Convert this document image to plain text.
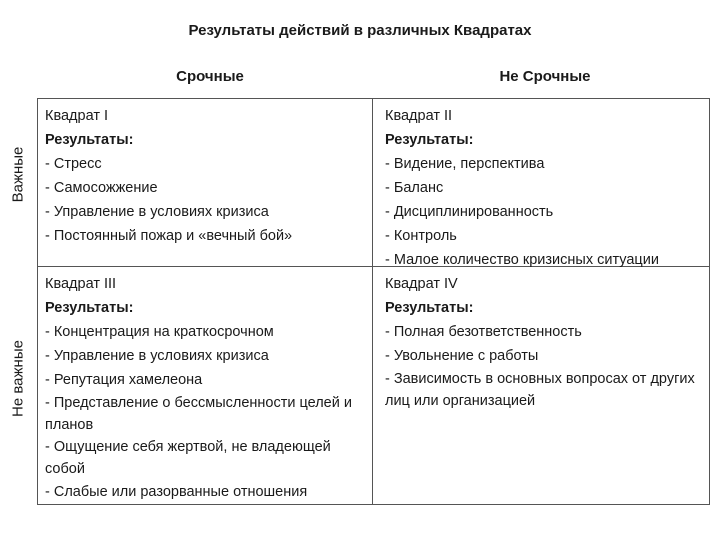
Результаты действий в различных Квадратах
Срочные	Не Срочные
Важные
Не важные
Квадрат I
Результаты:
- Стресс
- Самосожжение
- Управление в условиях кризиса
- Постоянный пожар и «вечный бой»
Квадрат II
Результаты:
- Видение, перспектива
- Баланс
- Дисциплинированность
- Контроль
- Малое количество кризисных ситуации
Квадрат III
Результаты:
- Концентрация на краткосрочном
- Управление в условиях кризиса
- Репутация хамелеона
- Представление о бессмысленности целей и планов
- Ощущение себя жертвой, не владеющей собой
- Слабые или разорванные отношения
Квадрат IV
Результаты:
- Полная безответственность
- Увольнение с работы
- Зависимость в основных вопросах от других лиц или организацией
